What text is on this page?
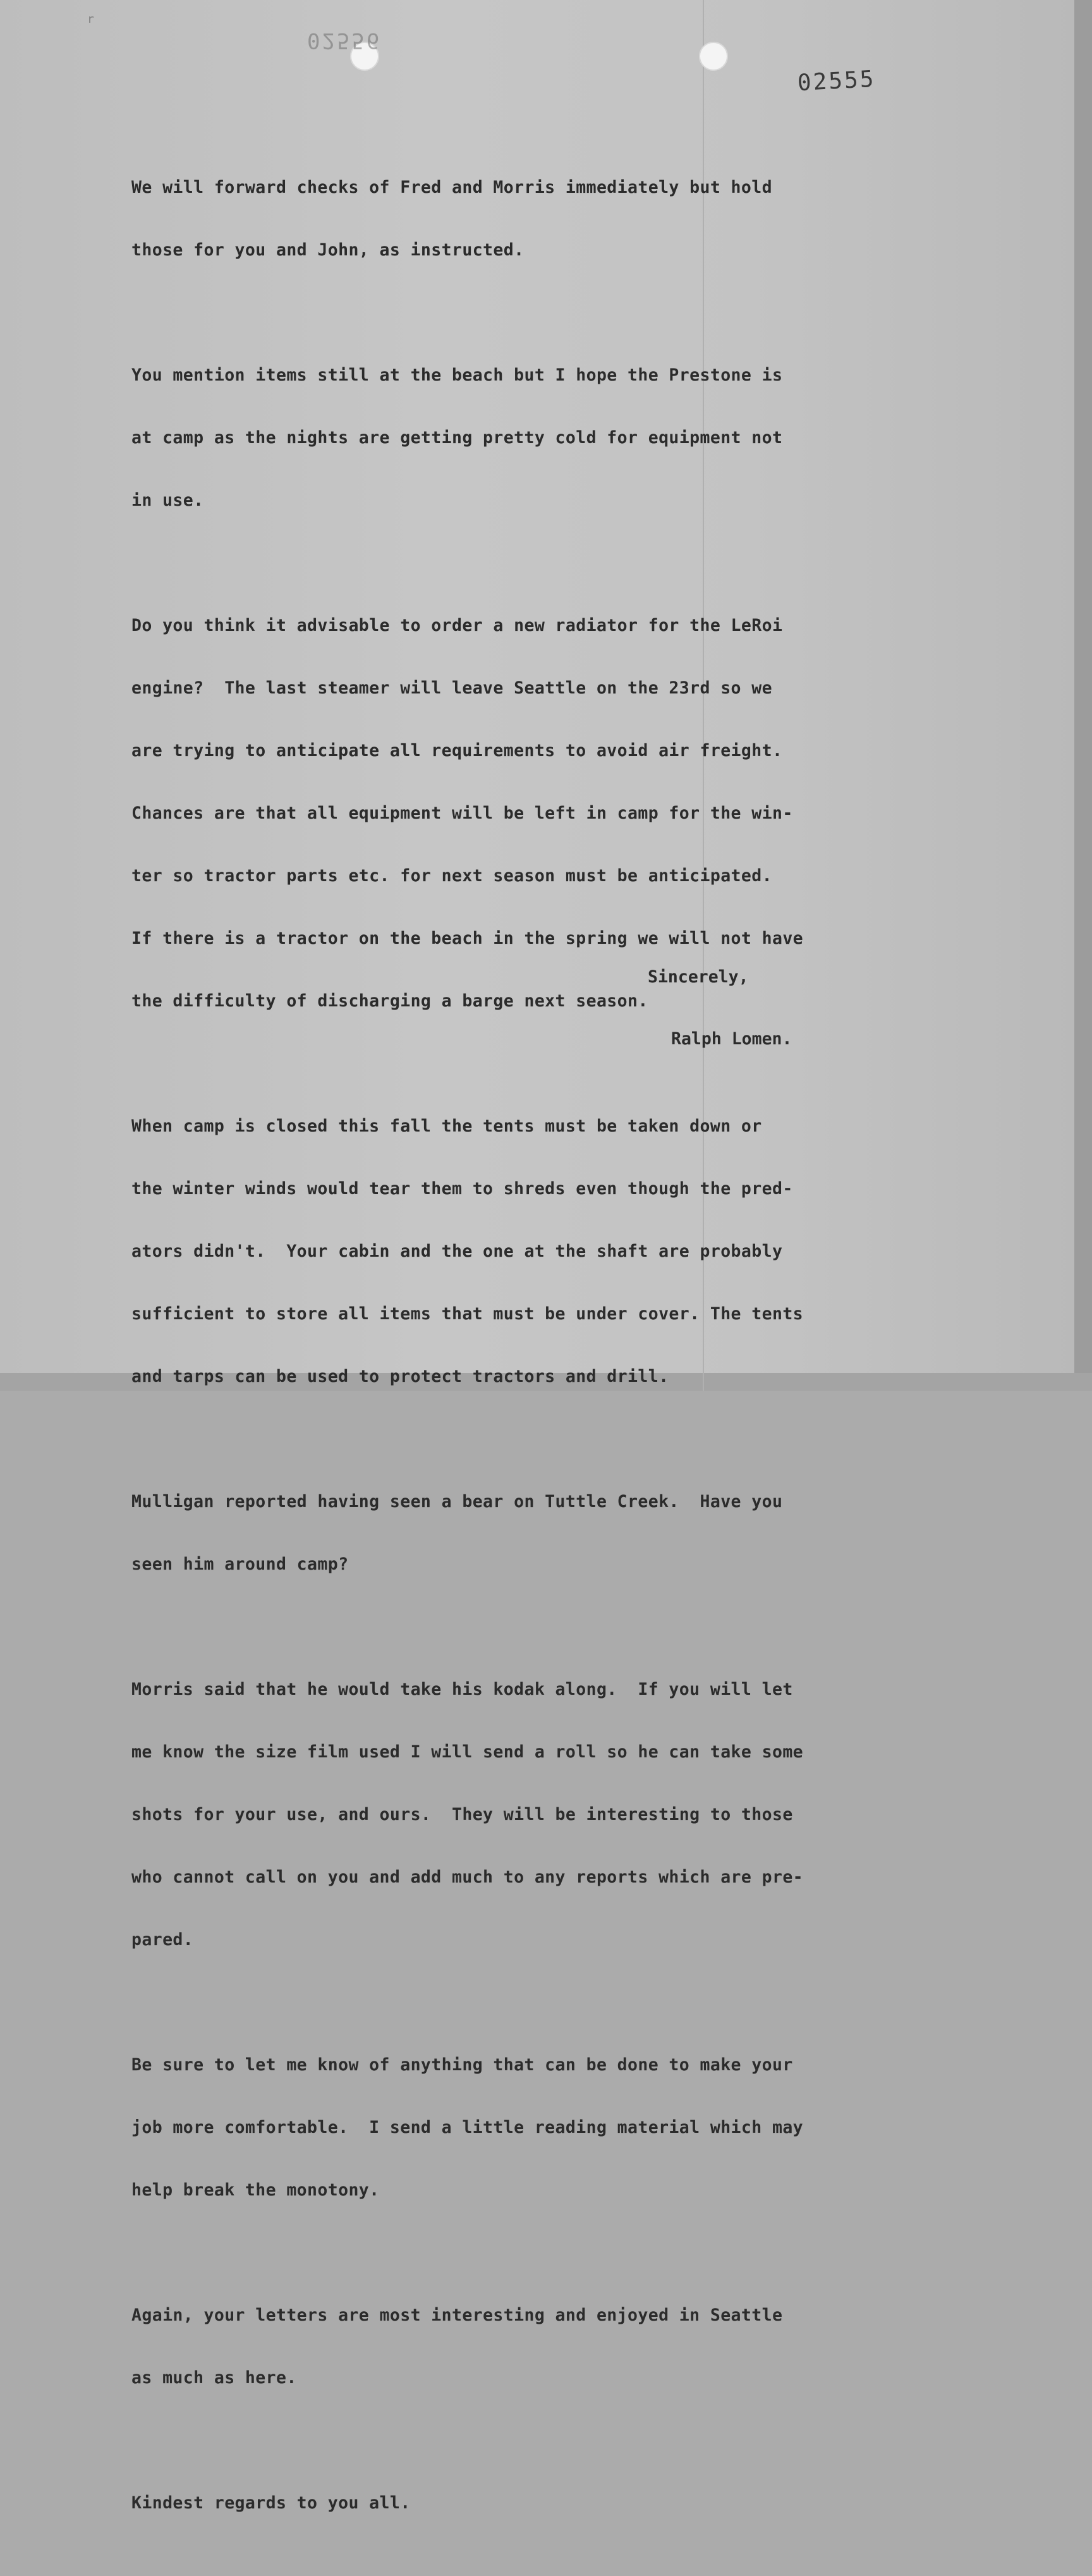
r
02556
02555

We will forward checks of Fred and Morris immediately but hold

those for you and John, as instructed.

You mention items still at the beach but I hope the Prestone is

at camp as the nights are getting pretty cold for equipment not

in use.

Do you think it advisable to order a new radiator for the LeRoi

engine?  The last steamer will leave Seattle on the 23rd so we

are trying to anticipate all requirements to avoid air freight.

Chances are that all equipment will be left in camp for the win-

ter so tractor parts etc. for next season must be anticipated.

If there is a tractor on the beach in the spring we will not have

the difficulty of discharging a barge next season.

When camp is closed this fall the tents must be taken down or

the winter winds would tear them to shreds even though the pred-

ators didn't.  Your cabin and the one at the shaft are probably

sufficient to store all items that must be under cover. The tents

and tarps can be used to protect tractors and drill.

Mulligan reported having seen a bear on Tuttle Creek.  Have you

seen him around camp?

Morris said that he would take his kodak along.  If you will let

me know the size film used I will send a roll so he can take some

shots for your use, and ours.  They will be interesting to those

who cannot call on you and add much to any reports which are pre-

pared.

Be sure to let me know of anything that can be done to make your

job more comfortable.  I send a little reading material which may

help break the monotony.

Again, your letters are most interesting and enjoyed in Seattle

as much as here.

Kindest regards to you all.

Sincerely,
Ralph Lomen.
